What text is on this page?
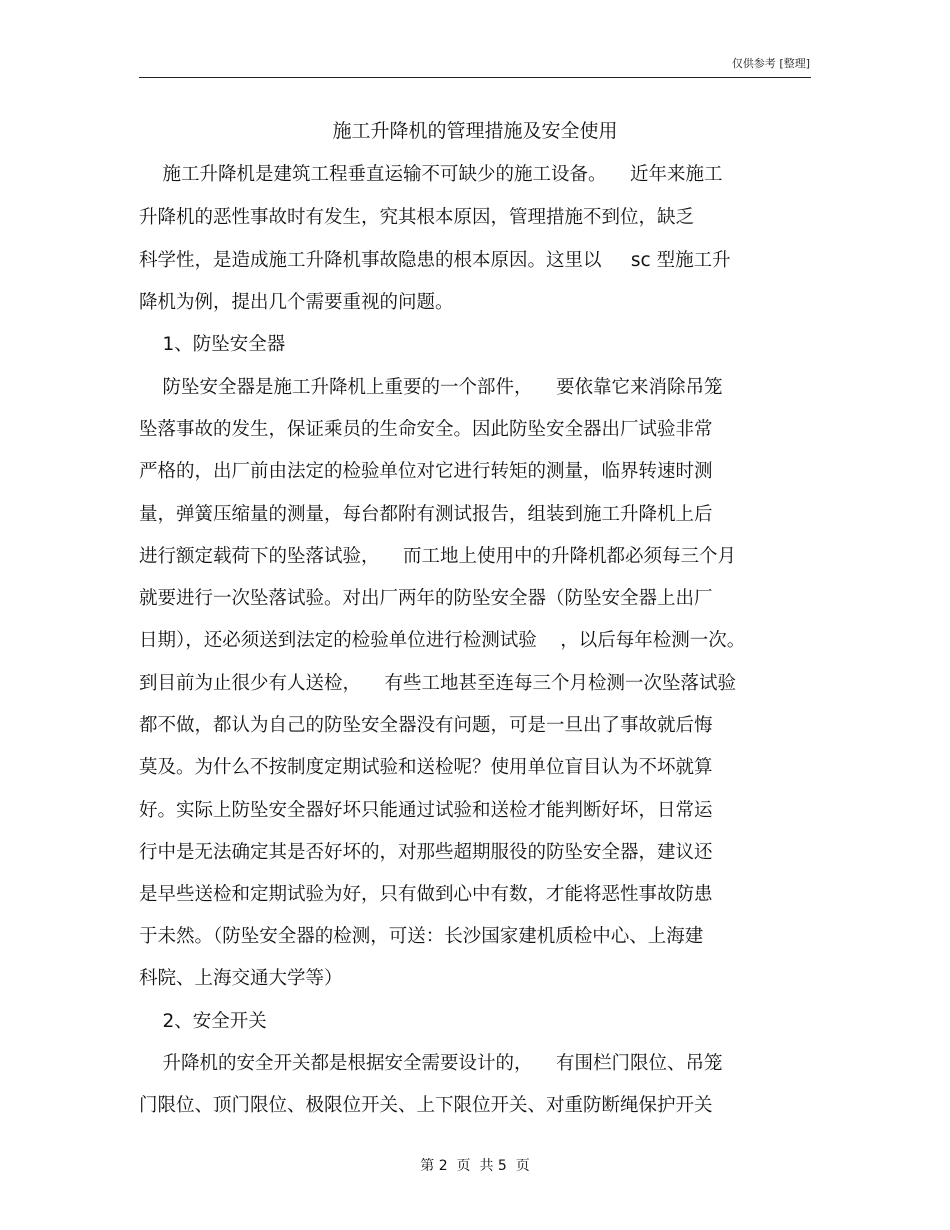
仅供参考 [整理]
施工升降机的管理措施及安全使用
施工升降机是建筑工程垂直运输不可缺少的施工设备。    近年来施工
升降机的恶性事故时有发生，究其根本原因，管理措施不到位，缺乏
科学性，是造成施工升降机事故隐患的根本原因。这里以     sc 型施工升
降机为例，提出几个需要重视的问题。
1、防坠安全器
防坠安全器是施工升降机上重要的一个部件，    要依靠它来消除吊笼
坠落事故的发生，保证乘员的生命安全。因此防坠安全器出厂试验非常
严格的，出厂前由法定的检验单位对它进行转矩的测量，临界转速时测
量，弹簧压缩量的测量，每台都附有测试报告，组装到施工升降机上后
进行额定载荷下的坠落试验，    而工地上使用中的升降机都必须每三个月
就要进行一次坠落试验。对出厂两年的防坠安全器（防坠安全器上出厂
日期），还必须送到法定的检验单位进行检测试验    ，以后每年检测一次。
到目前为止很少有人送检，    有些工地甚至连每三个月检测一次坠落试验
都不做，都认为自己的防坠安全器没有问题，可是一旦出了事故就后悔
莫及。为什么不按制度定期试验和送检呢？使用单位盲目认为不坏就算
好。实际上防坠安全器好坏只能通过试验和送检才能判断好坏，日常运
行中是无法确定其是否好坏的，对那些超期服役的防坠安全器，建议还
是早些送检和定期试验为好，只有做到心中有数，才能将恶性事故防患
于未然。（防坠安全器的检测，可送：长沙国家建机质检中心、上海建
科院、上海交通大学等）
2、安全开关
升降机的安全开关都是根据安全需要设计的，    有围栏门限位、吊笼
门限位、顶门限位、极限位开关、上下限位开关、对重防断绳保护开关
第 2  页  共 5  页
